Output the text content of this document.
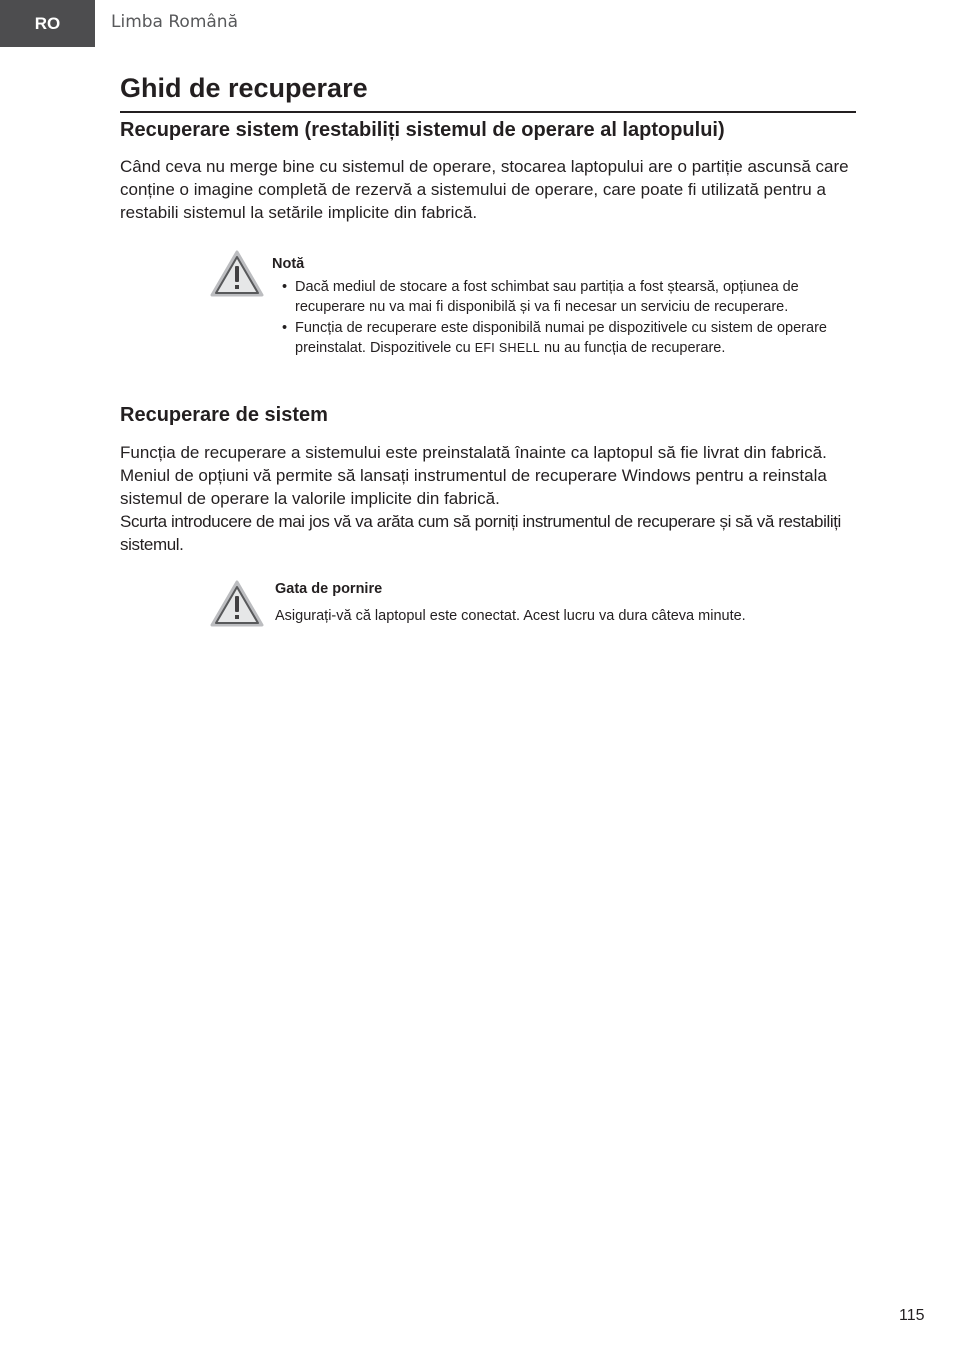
RO	Limba Română
Ghid de recuperare
Recuperare sistem (restabiliți sistemul de operare al laptopului)

Când ceva nu merge bine cu sistemul de operare, stocarea laptopului are o partiție ascunsă care conține o imagine completă de rezervă a sistemului de operare, care poate fi utilizată pentru a restabili sistemul la setările implicite din fabrică.

Notă
• Dacă mediul de stocare a fost schimbat sau partiția a fost ștearsă, opțiunea de recuperare nu va mai fi disponibilă și va fi necesar un serviciu de recuperare.
• Funcția de recuperare este disponibilă numai pe dispozitivele cu sistem de operare preinstalat. Dispozitivele cu EFI SHELL nu au funcția de recuperare.
Recuperare de sistem

Funcția de recuperare a sistemului este preinstalată înainte ca laptopul să fie livrat din fabrică. Meniul de opțiuni vă permite să lansați instrumentul de recuperare Windows pentru a reinstala sistemul de operare la valorile implicite din fabrică.

Scurta introducere de mai jos vă va arăta cum să porniți instrumentul de recuperare și să vă restabiliți sistemul.

Gata de pornire
Asigurați-vă că laptopul este conectat. Acest lucru va dura câteva minute.
115
